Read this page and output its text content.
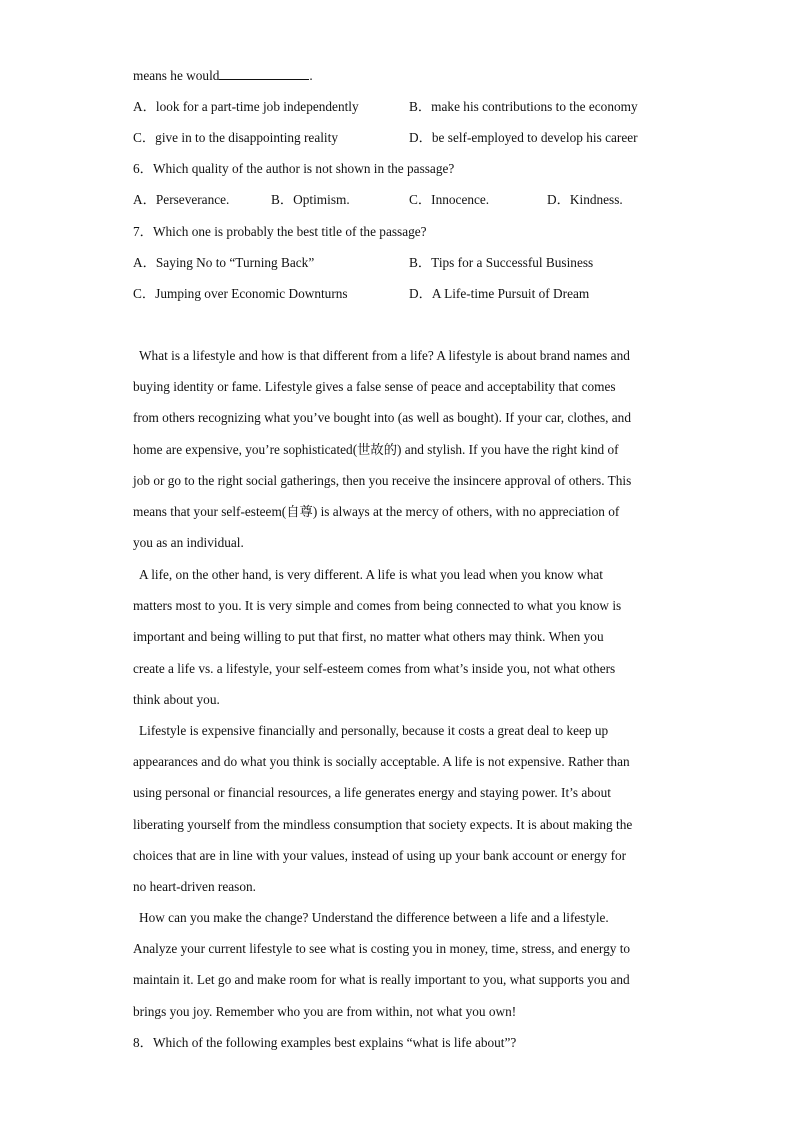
means he would	.
A．look for a part-time job independently	B．make his contributions to the economy
C．give in to the disappointing reality	D．be self-employed to develop his career
6．Which quality of the author is not shown in the passage?
A．Perseverance.	B．Optimism.	C．Innocence.	D．Kindness.
7．Which one is probably the best title of the passage?
A．Saying No to “Turning Back”	B．Tips for a Successful Business
C．Jumping over Economic Downturns	D．A Life-time Pursuit of Dream
What is a lifestyle and how is that different from a life? A lifestyle is about brand names and
buying identity or fame. Lifestyle gives a false sense of peace and acceptability that comes
from others recognizing what you’ve bought into (as well as bought). If your car, clothes, and
home are expensive, you’re sophisticated(世故的) and stylish. If you have the right kind of
job or go to the right social gatherings, then you receive the insincere approval of others. This
means that your self-esteem(自尊) is always at the mercy of others, with no appreciation of
you as an individual.
A life, on the other hand, is very different. A life is what you lead when you know what
matters most to you. It is very simple and comes from being connected to what you know is
important and being willing to put that first, no matter what others may think. When you
create a life vs. a lifestyle, your self-esteem comes from what’s inside you, not what others
think about you.
Lifestyle is expensive financially and personally, because it costs a great deal to keep up
appearances and do what you think is socially acceptable. A life is not expensive. Rather than
using personal or financial resources, a life generates energy and staying power. It’s about
liberating yourself from the mindless consumption that society expects. It is about making the
choices that are in line with your values, instead of using up your bank account or energy for
no heart-driven reason.
How can you make the change? Understand the difference between a life and a lifestyle.
Analyze your current lifestyle to see what is costing you in money, time, stress, and energy to
maintain it. Let go and make room for what is really important to you, what supports you and
brings you joy. Remember who you are from within, not what you own!
8．Which of the following examples best explains “what is life about”?
